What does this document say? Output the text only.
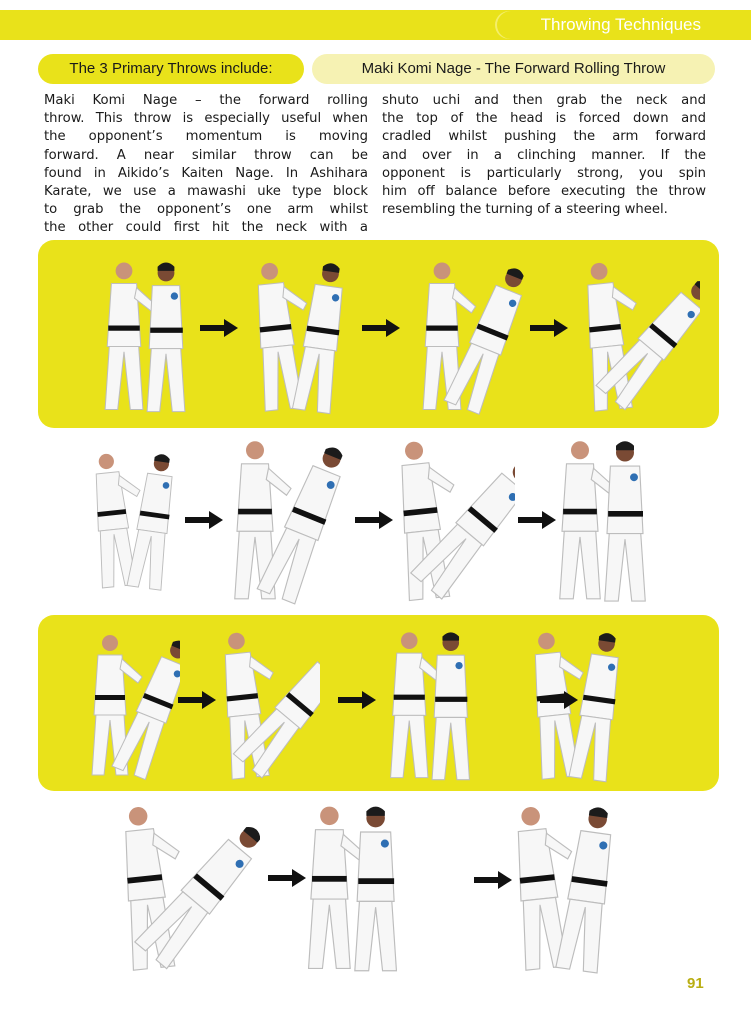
Throwing Techniques
The 3 Primary Throws include:	Maki Komi Nage - The Forward Rolling Throw
Maki Komi Nage – the forward rolling
throw. This throw is especially useful when
the opponent’s momentum is moving
forward. A near similar throw can be
found in Aikido’s Kaiten Nage. In Ashihara
Karate, we use a mawashi uke type block
to grab the opponent’s one arm whilst
the other could first hit the neck with a
shuto uchi and then grab the neck and
the top of the head is forced down and
cradled whilst pushing the arm forward
and over in a clinching manner. If the
opponent is particularly strong, you spin
him off balance before executing the throw
resembling the turning of a steering wheel.
91
